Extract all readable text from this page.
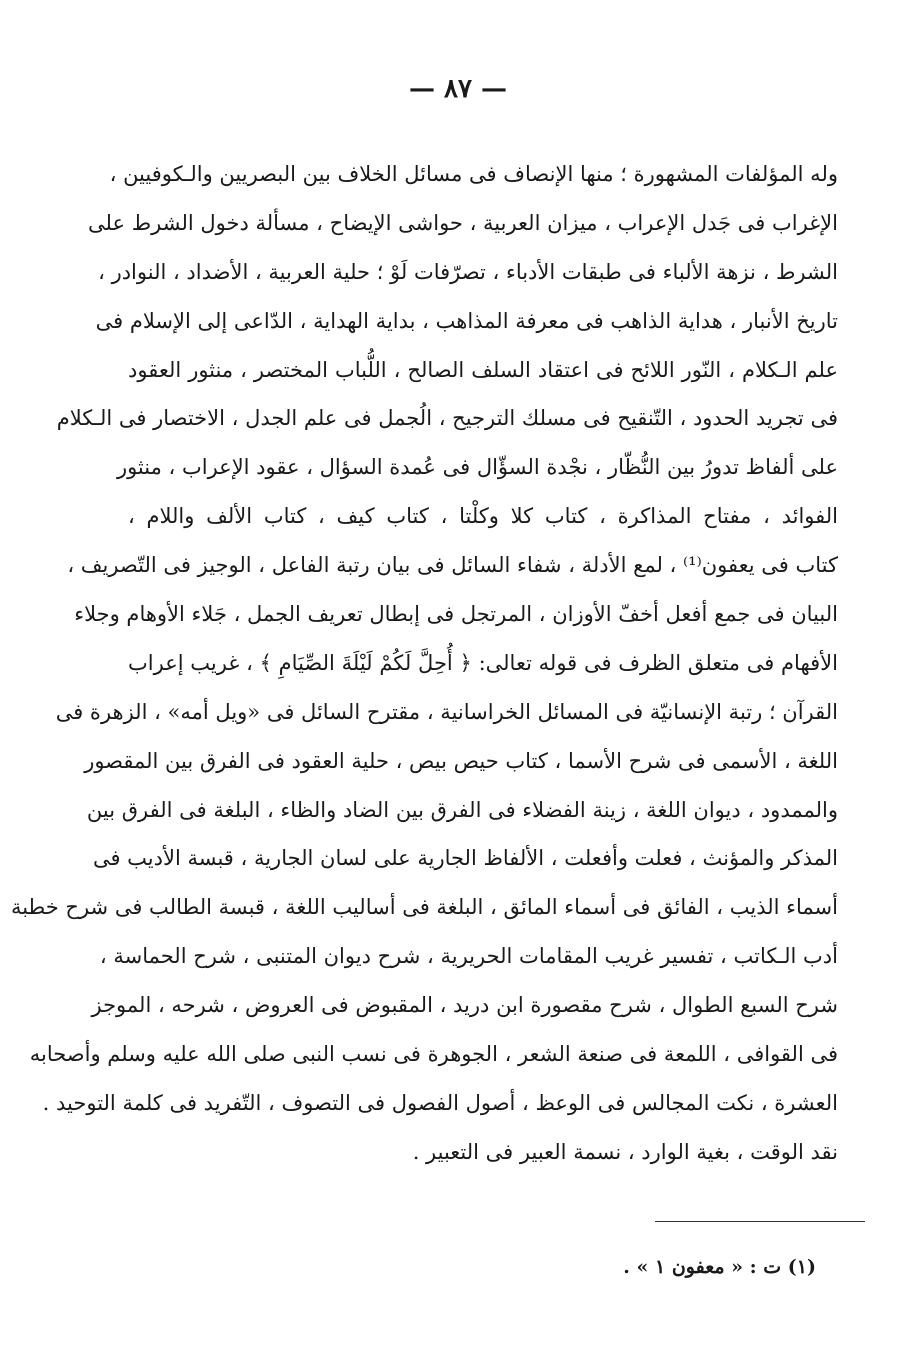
— ٨٧ —
وله المؤلفات المشهورة ؛ منها الإنصاف فى مسائل الخلاف بين البصريين والـكوفيين ،
الإغراب فى جَدل الإعراب ، ميزان العربية ، حواشى الإيضاح ، مسألة دخول الشرط على
الشرط ، نزهة الألباء فى طبقات الأدباء ، تصرّفات لَوْ ؛ حلية العربية ، الأضداد ، النوادر ،
تاريخ الأنبار ، هداية الذاهب فى معرفة المذاهب ، بداية الهداية ، الدّاعى إلى الإسلام فى
علم الـكلام ، النّور اللائح فى اعتقاد السلف الصالح ، اللُّباب المختصر ، منثور العقود
فى تجريد الحدود ، التّنقيح فى مسلك الترجيح ، الُجمل فى علم الجدل ، الاختصار فى الـكلام
على ألفاظ تدورُ بين النُّظّار ، نجْدة السؤّال فى عُمدة السؤال ، عقود الإعراب ، منثور
الفوائد ، مفتاح المذاكرة ، كتاب كلا وكلْتا ، كتاب كيف ، كتاب الألف واللام ،
كتاب فى يعفون⁽¹⁾ ، لمع الأدلة ، شفاء السائل فى بيان رتبة الفاعل ، الوجيز فى التّصريف ،
البيان فى جمع أفعل أخفّ الأوزان ، المرتجل فى إبطال تعريف الجمل ، جَلاء الأوهام وجلاء
الأفهام فى متعلق الظرف فى قوله تعالى: ﴿ أُحِلَّ لَكُمْ لَيْلَةَ الصِّيَامِ ﴾ ، غريب إعراب
القرآن ؛ رتبة الإنسانيّة فى المسائل الخراسانية ، مقترح السائل فى «ويل أمه» ، الزهرة فى
اللغة ، الأسمى فى شرح الأسما ، كتاب حيص بيص ، حلية العقود فى الفرق بين المقصور
والممدود ، ديوان اللغة ، زينة الفضلاء فى الفرق بين الضاد والظاء ، البلغة فى الفرق بين
المذكر والمؤنث ، فعلت وأفعلت ، الألفاظ الجارية على لسان الجارية ، قبسة الأديب فى
أسماء الذيب ، الفائق فى أسماء المائق ، البلغة فى أساليب اللغة ، قبسة الطالب فى شرح خطبة
أدب الـكاتب ، تفسير غريب المقامات الحريرية ، شرح ديوان المتنبى ، شرح الحماسة ،
شرح السبع الطوال ، شرح مقصورة ابن دريد ، المقبوض فى العروض ، شرحه ، الموجز
فى القوافى ، اللمعة فى صنعة الشعر ، الجوهرة فى نسب النبى صلى الله عليه وسلم وأصحابه
العشرة ، نكت المجالس فى الوعظ ، أصول الفصول فى التصوف ، التّفريد فى كلمة التوحيد .
نقد الوقت ، بغية الوارد ، نسمة العبير فى التعبير .
(١) ت : « معفون ١ » .
